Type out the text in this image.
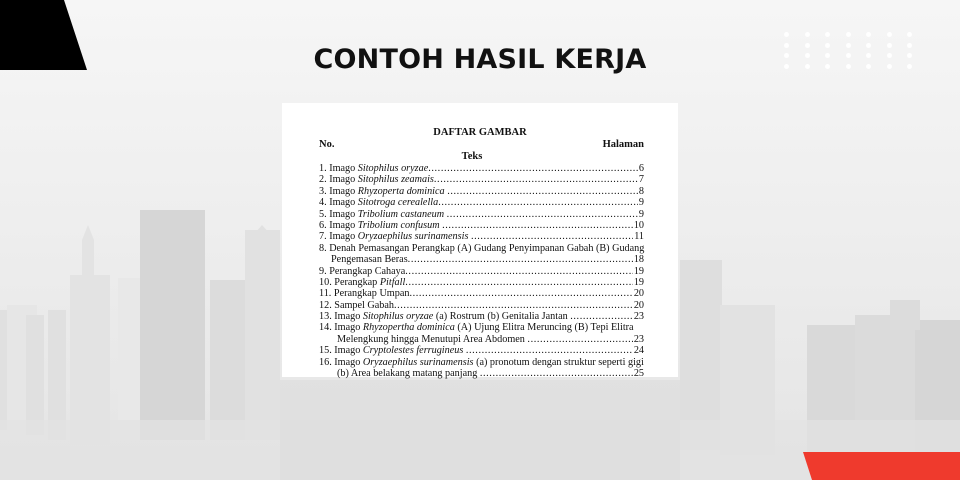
CONTOH HASIL KERJA
DAFTAR GAMBAR
No.	Halaman
Teks
1. Imago Sitophilus oryzae .....	6
2. Imago Sitophilus zeamais .....	7
3. Imago Rhyzoperta dominica .....	8
4. Imago Sitotroga cerealella .....	9
5. Imago Tribolium castaneum .....	9
6. Imago Tribolium confusum .....	10
7. Imago Oryzaephilus surinamensis .....	11
8. Denah Pemasangan Perangkap (A) Gudang Penyimpanan Gabah (B) Gudang
Pengemasan Beras .....	18
9. Perangkap Cahaya .....	19
10. Perangkap Pitfall .....	19
11. Perangkap Umpan .....	20
12. Sampel Gabah .....	20
13. Imago Sitophilus oryzae (a) Rostrum (b) Genitalia Jantan .....	23
14. Imago Rhyzopertha dominica (A) Ujung Elitra Meruncing (B) Tepi Elitra
Melengkung hingga Menutupi Area Abdomen .....	23
15. Imago Cryptolestes ferrugineus .....	24
16. Imago Oryzaephilus surinamensis (a) pronotum dengan struktur seperti gigi
(b) Area belakang matang panjang .....	25
